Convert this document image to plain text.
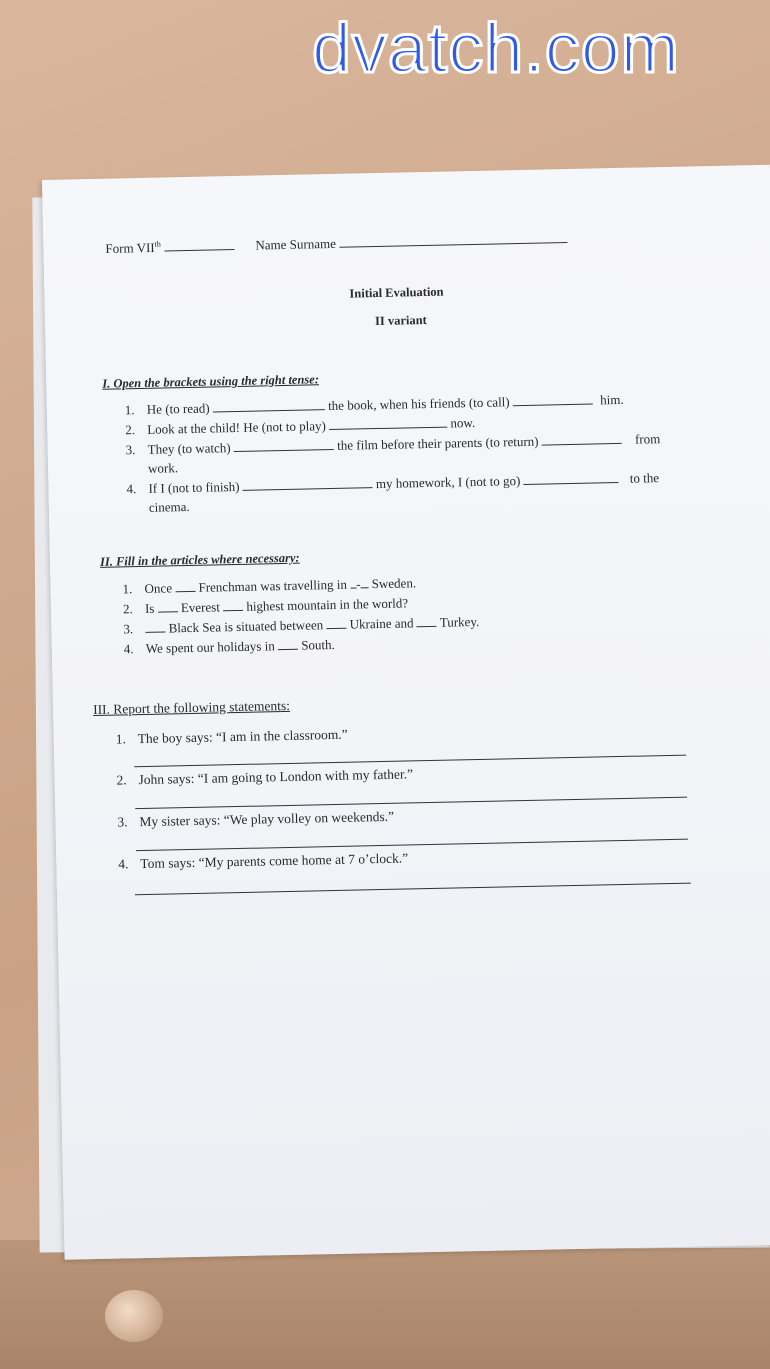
Form VIIth	Name Surname
Initial Evaluation
II variant
I. Open the brackets using the right tense:
1. He (to read)	the book, when his friends (to call)	him.
2. Look at the child! He (not to play)	now.
3. They (to watch)	the film before their parents (to return)	from
work.
4. If I (not to finish)	my homework, I (not to go)	to the
cinema.
II. Fill in the articles where necessary:
1. Once Frenchman was travelling in - Sweden.
2. Is Everest highest mountain in the world?
3.	Black Sea is situated between Ukraine and Turkey.
4. We spent our holidays in South.
III. Report the following statements:
1. The boy says: “I am in the classroom.”
2. John says: “I am going to London with my father.”
3. My sister says: “We play volley on weekends.”
4. Tom says: “My parents come home at 7 o’clock.”
dvatch.com
